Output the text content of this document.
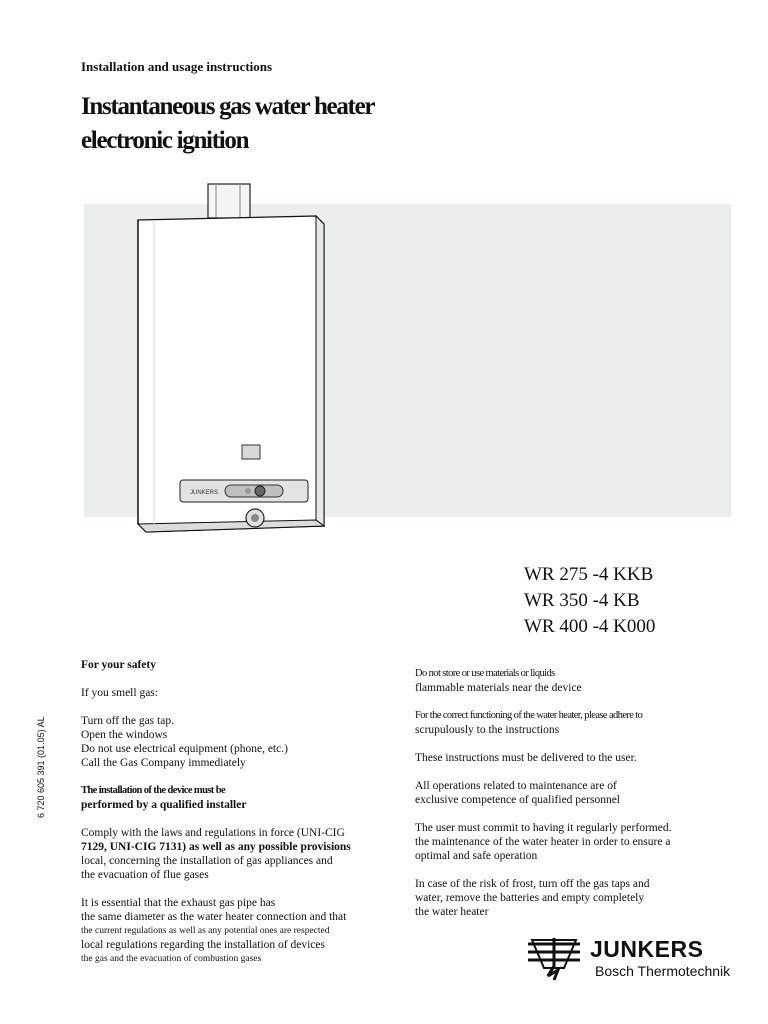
Installation and usage instructions
Instantaneous gas water heater
electronic ignition
JUNKERS
WR 275 -4 KKB
WR 350 -4 KB
WR 400 -4 K000
6 720 605 391 (01.05) AL

For your safety

If you smell gas:

Turn off the gas tap.

Open the windows

Do not use electrical equipment (phone, etc.)

Call the Gas Company immediately

The installation of the device must be

performed by a qualified installer

Comply with the laws and regulations in force (UNI-CIG

7129, UNI-CIG 7131) as well as any possible provisions

local, concerning the installation of gas appliances and

the evacuation of flue gases

It is essential that the exhaust gas pipe has

the same diameter as the water heater connection and that

the current regulations as well as any potential ones are respected

local regulations regarding the installation of devices

the gas and the evacuation of combustion gases

Do not store or use materials or liquids

flammable materials near the device

For the correct functioning of the water heater, please adhere to

scrupulously to the instructions

These instructions must be delivered to the user.

All operations related to maintenance are of

exclusive competence of qualified personnel

The user must commit to having it regularly performed.

the maintenance of the water heater in order to ensure a

optimal and safe operation

In case of the risk of frost, turn off the gas taps and

water, remove the batteries and empty completely

the water heater

JUNKERS
Bosch Thermotechnik
